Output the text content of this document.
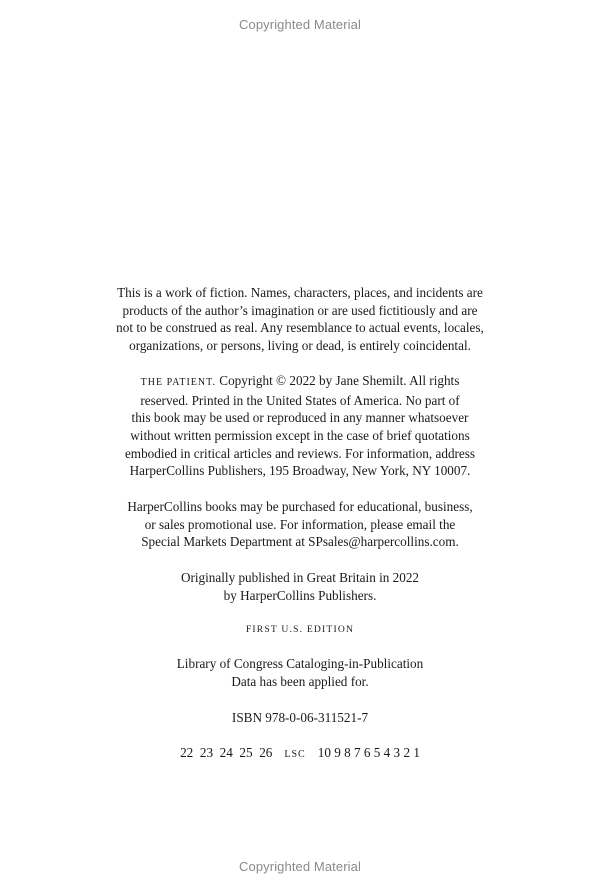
Copyrighted Material

This is a work of fiction. Names, characters, places, and incidents are
products of the author’s imagination or are used fictitiously and are
not to be construed as real. Any resemblance to actual events, locales,
organizations, or persons, living or dead, is entirely coincidental.

THE PATIENT. Copyright © 2022 by Jane Shemilt. All rights
reserved. Printed in the United States of America. No part of
this book may be used or reproduced in any manner whatsoever
without written permission except in the case of brief quotations
embodied in critical articles and reviews. For information, address
HarperCollins Publishers, 195 Broadway, New York, NY 10007.

HarperCollins books may be purchased for educational, business,
or sales promotional use. For information, please email the
Special Markets Department at SPsales@harpercollins.com.

Originally published in Great Britain in 2022
by HarperCollins Publishers.

FIRST U.S. EDITION

Library of Congress Cataloging-in-Publication
Data has been applied for.

ISBN 978-0-06-311521-7

22  23  24  25  26 LSC 10 9 8 7 6 5 4 3 2 1

Copyrighted Material
